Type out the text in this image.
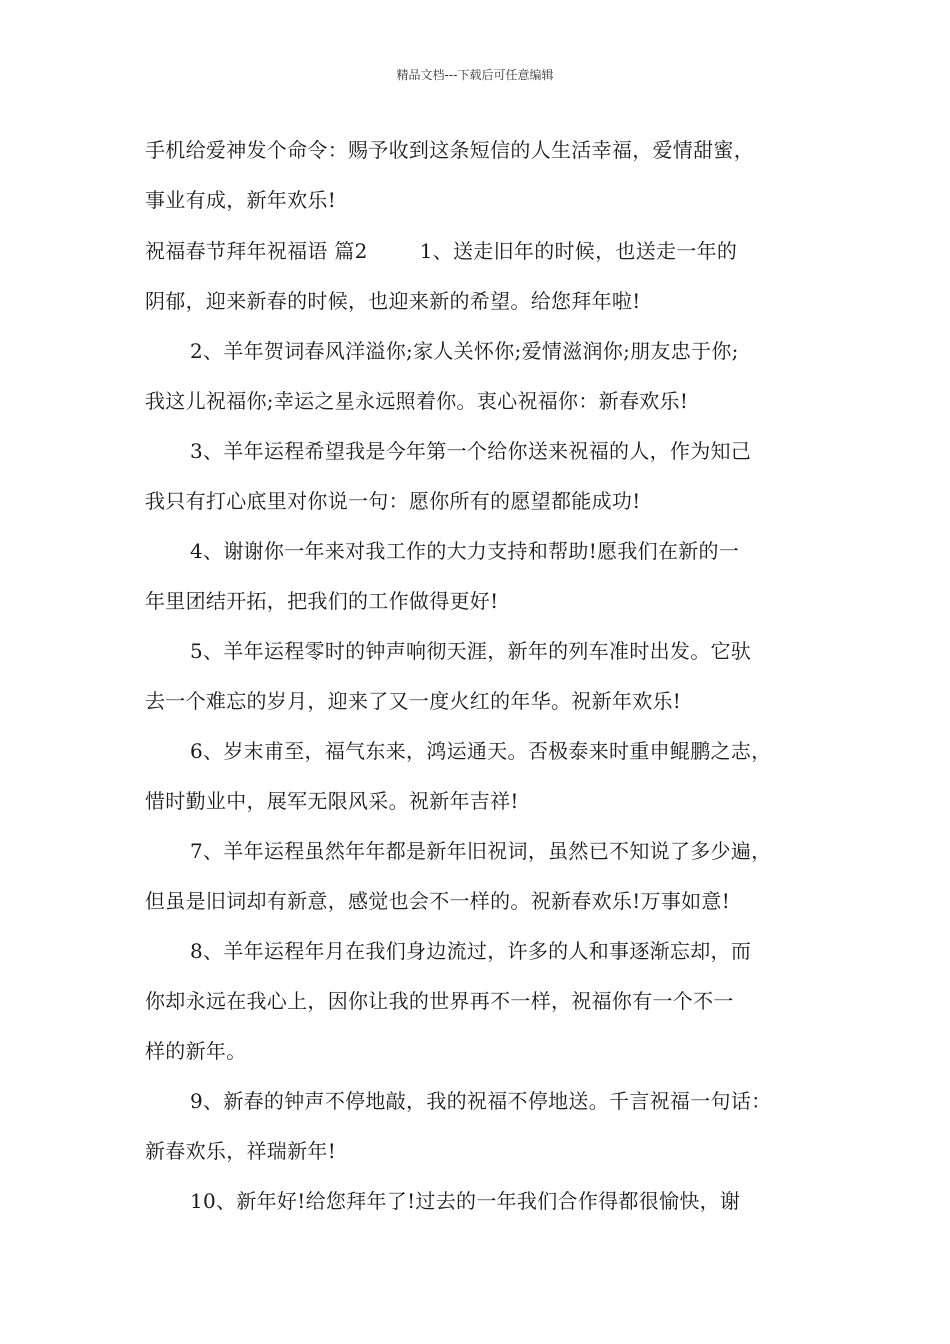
精品文档---下载后可任意编辑
手机给爱神发个命令：赐予收到这条短信的人生活幸福，爱情甜蜜，
事业有成，新年欢乐!
祝福春节拜年祝福语 篇2	1、送走旧年的时候，也送走一年的
阴郁，迎来新春的时候，也迎来新的希望。给您拜年啦!
2、羊年贺词春风洋溢你;家人关怀你;爱情滋润你;朋友忠于你;
我这儿祝福你;幸运之星永远照着你。衷心祝福你：新春欢乐!
3、羊年运程希望我是今年第一个给你送来祝福的人，作为知己
我只有打心底里对你说一句：愿你所有的愿望都能成功!
4、谢谢你一年来对我工作的大力支持和帮助!愿我们在新的一
年里团结开拓，把我们的工作做得更好!
5、羊年运程零时的钟声响彻天涯，新年的列车准时出发。它驮
去一个难忘的岁月，迎来了又一度火红的年华。祝新年欢乐!
6、岁末甫至，福气东来，鸿运通天。否极泰来时重申鲲鹏之志，
惜时勤业中，展军无限风采。祝新年吉祥!
7、羊年运程虽然年年都是新年旧祝词，虽然已不知说了多少遍，
但虽是旧词却有新意，感觉也会不一样的。祝新春欢乐!万事如意!
8、羊年运程年月在我们身边流过，许多的人和事逐渐忘却，而
你却永远在我心上，因你让我的世界再不一样，祝福你有一个不一
样的新年。
9、新春的钟声不停地敲，我的祝福不停地送。千言祝福一句话：
新春欢乐，祥瑞新年!
10、新年好!给您拜年了!过去的一年我们合作得都很愉快，谢
